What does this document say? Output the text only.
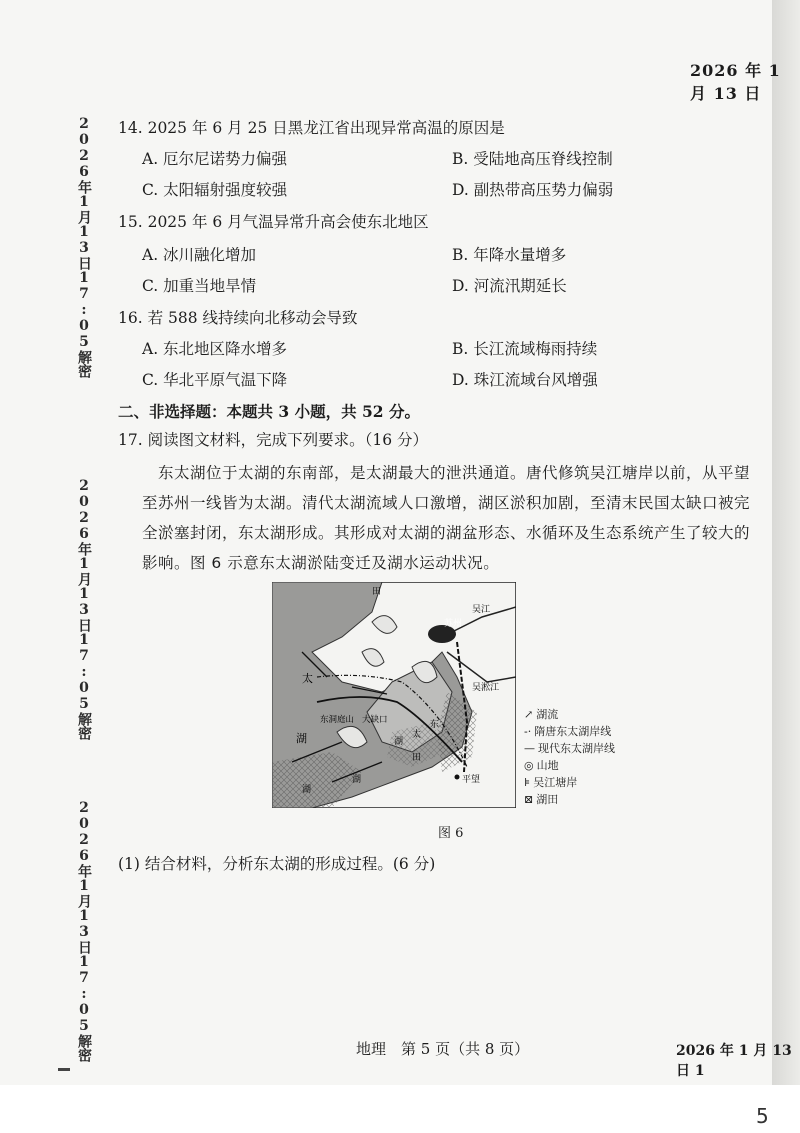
5
2026 年 1 月 13 日
2026年1月13日17:05解密
2026年1月13日17:05解密
2026年1月13日17:05解密
14. 2025 年 6 月 25 日黑龙江省出现异常高温的原因是
A. 厄尔尼诺势力偏强	B. 受陆地高压脊线控制
C. 太阳辐射强度较强	D. 副热带高压势力偏弱
15. 2025 年 6 月气温异常升高会使东北地区
A. 冰川融化增加	B. 年降水量增多
C. 加重当地旱情	D. 河流汛期延长
16. 若 588 线持续向北移动会导致
A. 东北地区降水增多	B. 长江流域梅雨持续
C. 华北平原气温下降	D. 珠江流域台风增强
二、非选择题：本题共 3 小题，共 52 分。
17. 阅读图文材料，完成下列要求。（16 分）
东太湖位于太湖的东南部，是太湖最大的泄洪通道。唐代修筑吴江塘岸以前，从平望至苏州一线皆为太湖。清代太湖流域人口激增，湖区淤积加剧，至清末民国太缺口被完全淤塞封闭，东太湖形成。其形成对太湖的湖盆形态、水循环及生态系统产生了较大的影响。图 6 示意东太湖淤陆变迁及湖水运动状况。
苏州
吴江
吴淞江
太
湖
东洞庭山 大缺口
平望
田
田
东
太
湖
湖
湖
↗ 湖流
-· 隋唐东太湖岸线
— 现代东太湖岸线
◎ 山地
⊧ 吴江塘岸
⊠ 湖田
图 6
(1) 结合材料，分析东太湖的形成过程。(6 分)
地理　第 5 页（共 8 页）	2026 年 1 月 13 日 1
